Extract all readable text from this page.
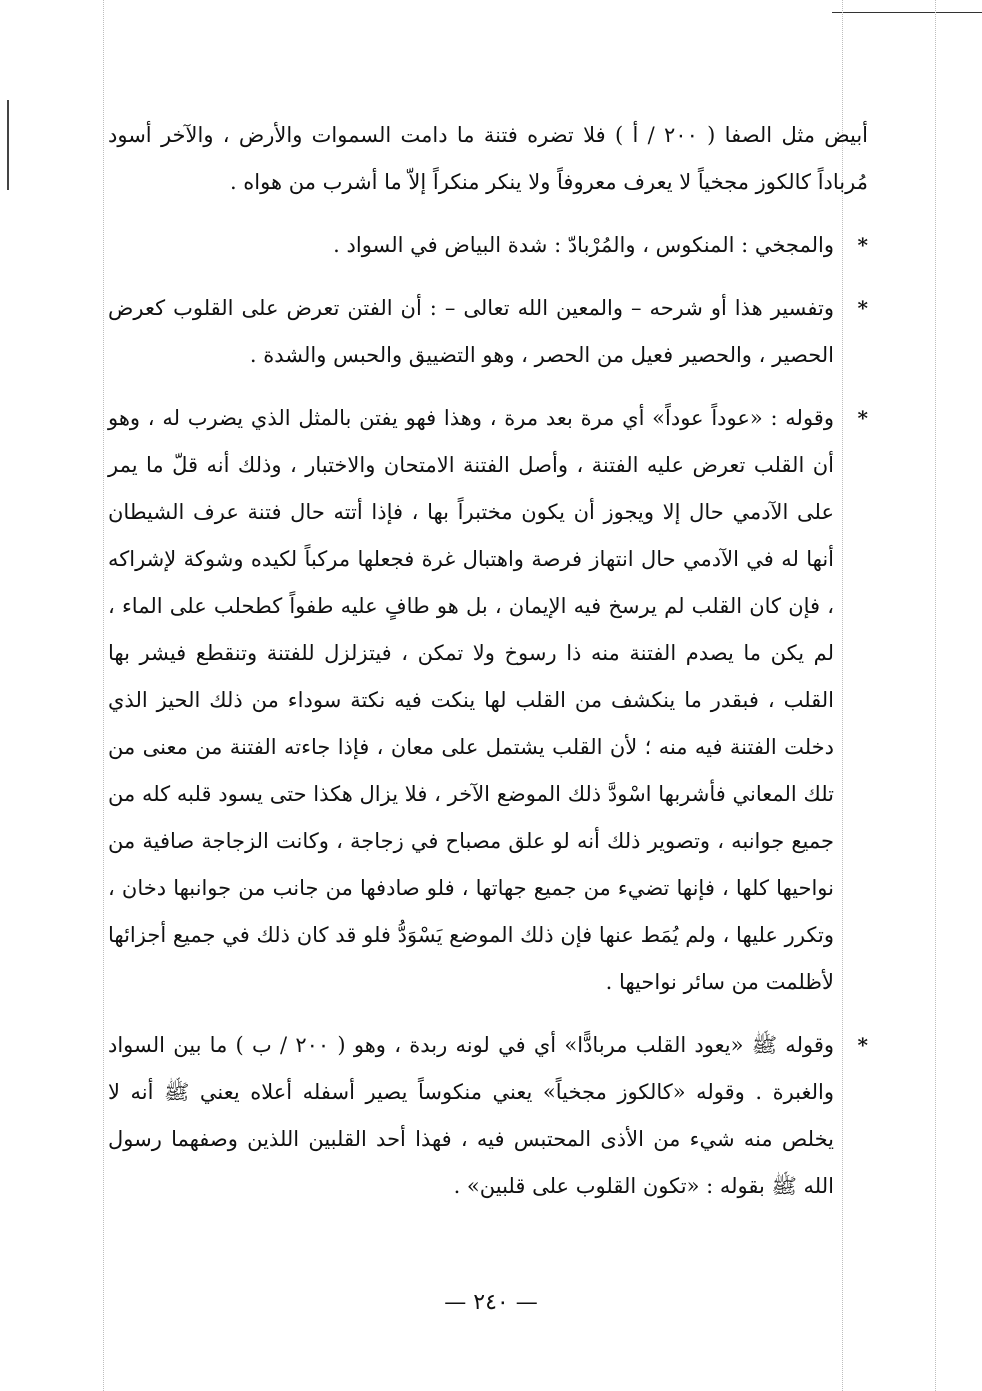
أبيض مثل الصفا ( ٢٠٠ / أ ) فلا تضره فتنة ما دامت السموات والأرض ، والآخر أسود مُرباداً كالكوز مجخياً لا يعرف معروفاً ولا ينكر منكراً إلاّ ما أشرب من هواه .

*
والمجخي : المنكوس ، والمُرْبادّ : شدة البياض في السواد .

*
وتفسير هذا أو شرحه – والمعين الله تعالى – : أن الفتن تعرض على القلوب كعرض الحصير ، والحصير فعيل من الحصر ، وهو التضييق والحبس والشدة .

*
وقوله : «عوداً عوداً» أي مرة بعد مرة ، وهذا فهو يفتن بالمثل الذي يضرب له ، وهو أن القلب تعرض عليه الفتنة ، وأصل الفتنة الامتحان والاختبار ، وذلك أنه قلّ ما يمر على الآدمي حال إلا ويجوز أن يكون مختبراً بها ، فإذا أتته حال فتنة عرف الشيطان أنها له في الآدمي حال انتهاز فرصة واهتبال غرة فجعلها مركباً لكيده وشوكة لإشراكه ، فإن كان القلب لم يرسخ فيه الإيمان ، بل هو طافٍ عليه طفواً كطحلب على الماء ، لم يكن ما يصدم الفتنة منه ذا رسوخ ولا تمكن ، فيتزلزل للفتنة وتنقطع فيشر بها القلب ، فبقدر ما ينكشف من القلب لها ينكت فيه نكتة سوداء من ذلك الحيز الذي دخلت الفتنة فيه منه ؛ لأن القلب يشتمل على معان ، فإذا جاءته الفتنة من معنى من تلك المعاني فأشربها اسْودَّ ذلك الموضع الآخر ، فلا يزال هكذا حتى يسود قلبه كله من جميع جوانبه ، وتصوير ذلك أنه لو علق مصباح في زجاجة ، وكانت الزجاجة صافية من نواحيها كلها ، فإنها تضيء من جميع جهاتها ، فلو صادفها من جانب من جوانبها دخان ، وتكرر عليها ، ولم يُمَط عنها فإن ذلك الموضع يَسْوَدُّ فلو قد كان ذلك في جميع أجزائها لأظلمت من سائر نواحيها .

*
وقوله ﷺ «يعود القلب مربادًّا» أي في لونه ربدة ، وهو ( ٢٠٠ / ب ) ما بين السواد والغبرة . وقوله «كالكوز مجخياً» يعني منكوساً يصير أسفله أعلاه يعني ﷺ أنه لا يخلص منه شيء من الأذى المحتبس فيه ، فهذا أحد القلبين اللذين وصفهما رسول الله ﷺ بقوله : «تكون القلوب على قلبين» .

— ٢٤٠ —
